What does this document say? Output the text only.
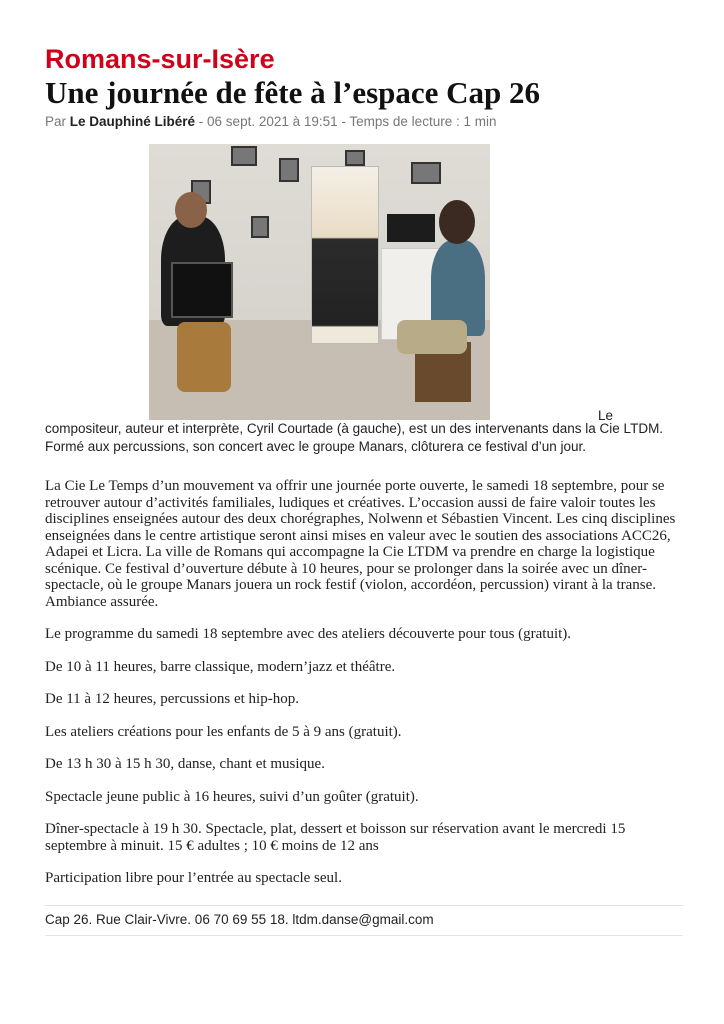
Romans-sur-Isère
Une journée de fête à l’espace Cap 26
Par Le Dauphiné Libéré - 06 sept. 2021 à 19:51 - Temps de lecture : 1 min
Le
compositeur, auteur et interprète, Cyril Courtade (à gauche), est un des intervenants dans la Cie LTDM. Formé aux percussions, son concert avec le groupe Manars, clôturera ce festival d’un jour.

La Cie Le Temps d’un mouvement va offrir une journée porte ouverte, le samedi 18 septembre, pour se retrouver autour d’activités familiales, ludiques et créatives. L’occasion aussi de faire valoir toutes les disciplines enseignées autour des deux chorégraphes, Nolwenn et Sébastien Vincent. Les cinq disciplines enseignées dans le centre artistique seront ainsi mises en valeur avec le soutien des associations ACC26, Adapei et Licra. La ville de Romans qui accompagne la Cie LTDM va prendre en charge la logistique scénique. Ce festival d’ouverture débute à 10 heures, pour se prolonger dans la soirée avec un dîner-spectacle, où le groupe Manars jouera un rock festif (violon, accordéon, percussion) virant à la transe. Ambiance assurée.

Le programme du samedi 18 septembre avec des ateliers découverte pour tous (gratuit).

De 10 à 11 heures, barre classique, modern’jazz et théâtre.

De 11 à 12 heures, percussions et hip-hop.

Les ateliers créations pour les enfants de 5 à 9 ans (gratuit).

De 13 h 30 à 15 h 30, danse, chant et musique.

Spectacle jeune public à 16 heures, suivi d’un goûter (gratuit).

Dîner-spectacle à 19 h 30. Spectacle, plat, dessert et boisson sur réservation avant le mercredi 15 septembre à minuit. 15 € adultes ; 10 € moins de 12 ans

Participation libre pour l’entrée au spectacle seul.

Cap 26. Rue Clair-Vivre. 06 70 69 55 18. ltdm.danse@gmail.com
